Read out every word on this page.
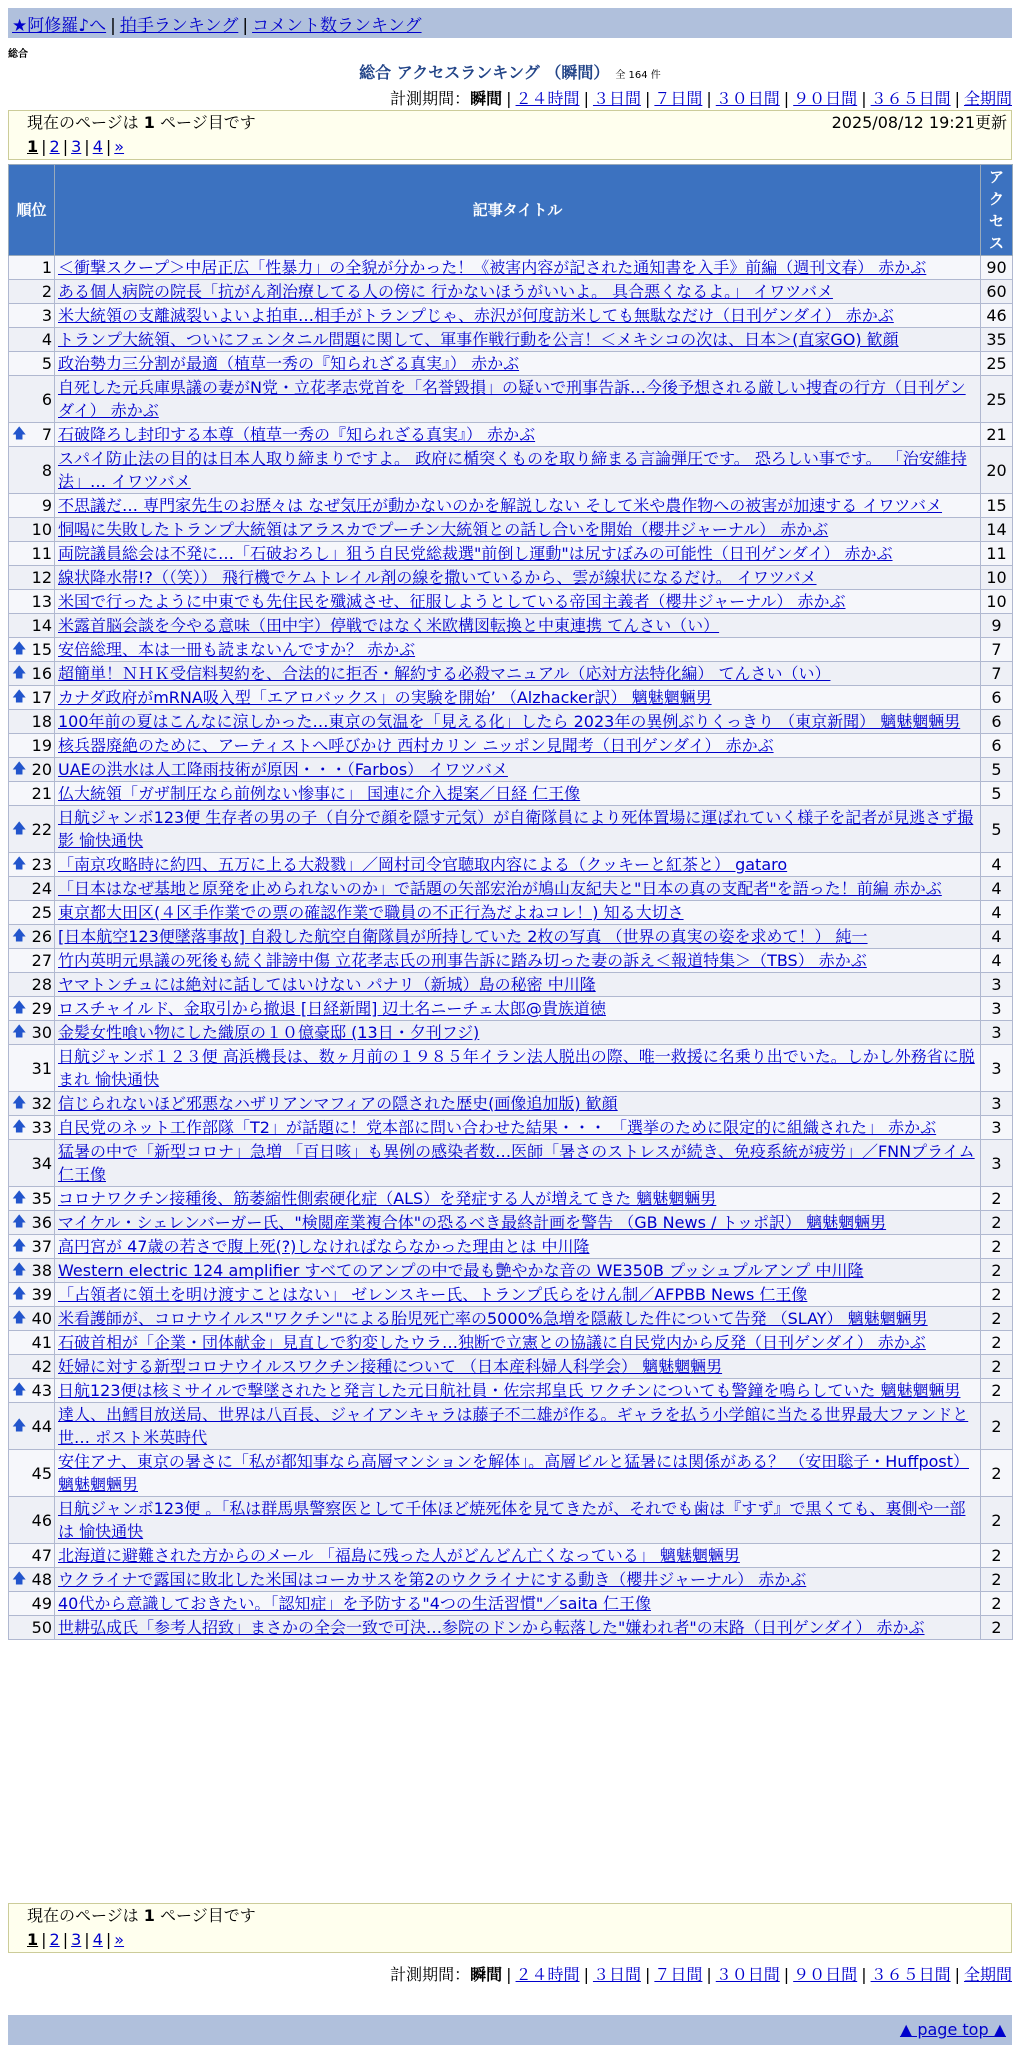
★阿修羅♪へ | 拍手ランキング | コメント数ランキング
総合
総合 アクセスランキング （瞬間） 全 164 件
計測期間：瞬間 | ２４時間 | ３日間 | ７日間 | ３０日間 | ９０日間 | ３６５日間 | 全期間
現在のページは 1 ページ目です	2025/08/12 19:21更新
1 | 2 | 3 | 4 | »
順位	記事タイトル	アクセス
1	＜衝撃スクープ＞中居正広「性暴力」の全貌が分かった！《被害内容が記された通知書を入手》前編（週刊文春） 赤かぶ	90
2	ある個人病院の院長「抗がん剤治療してる人の傍に 行かないほうがいいよ。 具合悪くなるよ。」 イワツバメ	60
3	米大統領の支離滅裂いよいよ拍車…相手がトランプじゃ、赤沢が何度訪米しても無駄なだけ（日刊ゲンダイ） 赤かぶ	46
4	トランプ大統領、ついにフェンタニル問題に関して、軍事作戦行動を公言！＜メキシコの次は、日本＞(直家GO) 歓顔	35
5	政治勢力三分割が最適（植草一秀の『知られざる真実』） 赤かぶ	25
6	自死した元兵庫県議の妻がN党・立花孝志党首を「名誉毀損」の疑いで刑事告訴…今後予想される厳しい捜査の行方（日刊ゲンダイ） 赤かぶ	25

🡅 7	石破降ろし封印する本尊（植草一秀の『知られざる真実』） 赤かぶ	21
8	スパイ防止法の目的は日本人取り締まりですよ。 政府に楯突くものを取り締まる言論弾圧です。 恐ろしい事です。 「治安維持法」… イワツバメ	20
9	不思議だ… 専門家先生のお歴々は なぜ気圧が動かないのかを解説しない そして米や農作物への被害が加速する イワツバメ	15
10	恫喝に失敗したトランプ大統領はアラスカでプーチン大統領との話し合いを開始（櫻井ジャーナル） 赤かぶ	14
11	両院議員総会は不発に…「石破おろし」狙う自民党総裁選"前倒し運動"は尻すぼみの可能性（日刊ゲンダイ） 赤かぶ	11
12	線状降水帯!?（（笑）） 飛行機でケムトレイル剤の線を撒いているから、雲が線状になるだけ。 イワツバメ	10
13	米国で行ったように中東でも先住民を殲滅させ、征服しようとしている帝国主義者（櫻井ジャーナル） 赤かぶ	10
14	米露首脳会談を今やる意味（田中宇）停戦ではなく米欧構図転換と中東連携 てんさい（い）	9

🡅 15	安倍総理、本は一冊も読まないんですか？ 赤かぶ	7

🡅 16	超簡単！ＮＨＫ受信料契約を、合法的に拒否・解約する必殺マニュアル（応対方法特化編） てんさい（い）	7

🡅 17	カナダ政府がmRNA吸入型「エアロバックス」の実験を開始’ （Alzhacker訳） 魑魅魍魎男	6
18	100年前の夏はこんなに涼しかった…東京の気温を「見える化」したら 2023年の異例ぶりくっきり （東京新聞） 魑魅魍魎男	6
19	核兵器廃絶のために、アーティストへ呼びかけ 西村カリン ニッポン見聞考（日刊ゲンダイ） 赤かぶ	6

🡅 20	UAEの洪水は人工降雨技術が原因・・・（Farbos） イワツバメ	5
21	仏大統領「ガザ制圧なら前例ない惨事に」 国連に介入提案／日経 仁王像	5

🡅 22	日航ジャンボ123便 生存者の男の子（自分で顔を隠す元気）が自衛隊員により死体置場に運ばれていく様子を記者が見逃さず撮影 愉快通快	5

🡅 23	「南京攻略時に約四、五万に上る大殺戮」／岡村司令官聴取内容による（クッキーと紅茶と） gataro	4
24	「日本はなぜ基地と原発を止められないのか」で話題の矢部宏治が鳩山友紀夫と"日本の真の支配者"を語った！前編 赤かぶ	4
25	東京都大田区(４区手作業での票の確認作業で職員の不正行為だよねコレ！) 知る大切さ	4

🡅 26	[日本航空123便墜落事故] 自殺した航空自衛隊員が所持していた 2枚の写真 （世界の真実の姿を求めて！） 純一	4
27	竹内英明元県議の死後も続く誹謗中傷 立花孝志氏の刑事告訴に踏み切った妻の訴え＜報道特集＞（TBS） 赤かぶ	4
28	ヤマトンチュには絶対に話してはいけない パナリ（新城）島の秘密 中川隆	3

🡅 29	ロスチャイルド、金取引から撤退 [日経新聞] 辺土名ニーチェ太郎@貴族道徳	3

🡅 30	金髪女性喰い物にした織原の１０億豪邸 (13日・夕刊フジ)	3
31	日航ジャンボ１２３便 高浜機長は、数ヶ月前の１９８５年イラン法人脱出の際、唯一救援に名乗り出でいた。しかし外務省に脱まれ 愉快通快	3

🡅 32	信じられないほど邪悪なハザリアンマフィアの隠された歴史(画像追加版) 歓顔	3

🡅 33	自民党のネット工作部隊「T2」が話題に！党本部に問い合わせた結果・・・ 「選挙のために限定的に組織された」 赤かぶ	3
34	猛暑の中で「新型コロナ」急増 「百日咳」も異例の感染者数…医師「暑さのストレスが続き、免疫系統が疲労」／FNNプライム 仁王像	3

🡅 35	コロナワクチン接種後、筋萎縮性側索硬化症（ALS）を発症する人が増えてきた 魑魅魍魎男	2

🡅 36	マイケル・シェレンバーガー氏、"検閲産業複合体"の恐るべき最終計画を警告 （GB News / トッポ訳） 魑魅魍魎男	2

🡅 37	高円宮が 47歳の若さで腹上死(?)しなければならなかった理由とは 中川隆	2

🡅 38	Western electric 124 amplifier すべてのアンプの中で最も艶やかな音の WE350B プッシュプルアンプ 中川隆	2

🡅 39	「占領者に領土を明け渡すことはない」 ゼレンスキー氏、トランプ氏らをけん制／AFPBB News 仁王像	2

🡅 40	米看護師が、コロナウイルス"ワクチン"による胎児死亡率の5000%急増を隠蔽した件について告発 （SLAY） 魑魅魍魎男	2
41	石破首相が「企業・団体献金」見直しで豹変したウラ…独断で立憲との協議に自民党内から反発（日刊ゲンダイ） 赤かぶ	2
42	妊婦に対する新型コロナウイルスワクチン接種について （日本産科婦人科学会） 魑魅魍魎男	2

🡅 43	日航123便は核ミサイルで撃墜されたと発言した元日航社員・佐宗邦皇氏 ワクチンについても警鐘を鳴らしていた 魑魅魍魎男	2

🡅 44	達人、出鱈目放送局、世界は八百長、ジャイアンキャラは藤子不二雄が作る。ギャラを払う小学館に当たる世界最大ファンドと世… ポスト米英時代	2
45	安住アナ、東京の暑さに「私が都知事なら高層マンションを解体」。高層ビルと猛暑には関係がある？ （安田聡子・Huffpost） 魑魅魍魎男	2
46	日航ジャンボ123便 。「私は群馬県警察医として千体ほど焼死体を見てきたが、それでも歯は『すず』で黒くても、裏側や一部は 愉快通快	2
47	北海道に避難された方からのメール 「福島に残った人がどんどん亡くなっている」 魑魅魍魎男	2

🡅 48	ウクライナで露国に敗北した米国はコーカサスを第2のウクライナにする動き（櫻井ジャーナル） 赤かぶ	2
49	40代から意識しておきたい。「認知症」を予防する"4つの生活習慣"／saita 仁王像	2
50	世耕弘成氏「参考人招致」まさかの全会一致で可決…参院のドンから転落した"嫌われ者"の末路（日刊ゲンダイ） 赤かぶ	2
現在のページは 1 ページ目です
1 | 2 | 3 | 4 | »
計測期間：瞬間 | ２４時間 | ３日間 | ７日間 | ３０日間 | ９０日間 | ３６５日間 | 全期間
▲ page top ▲
